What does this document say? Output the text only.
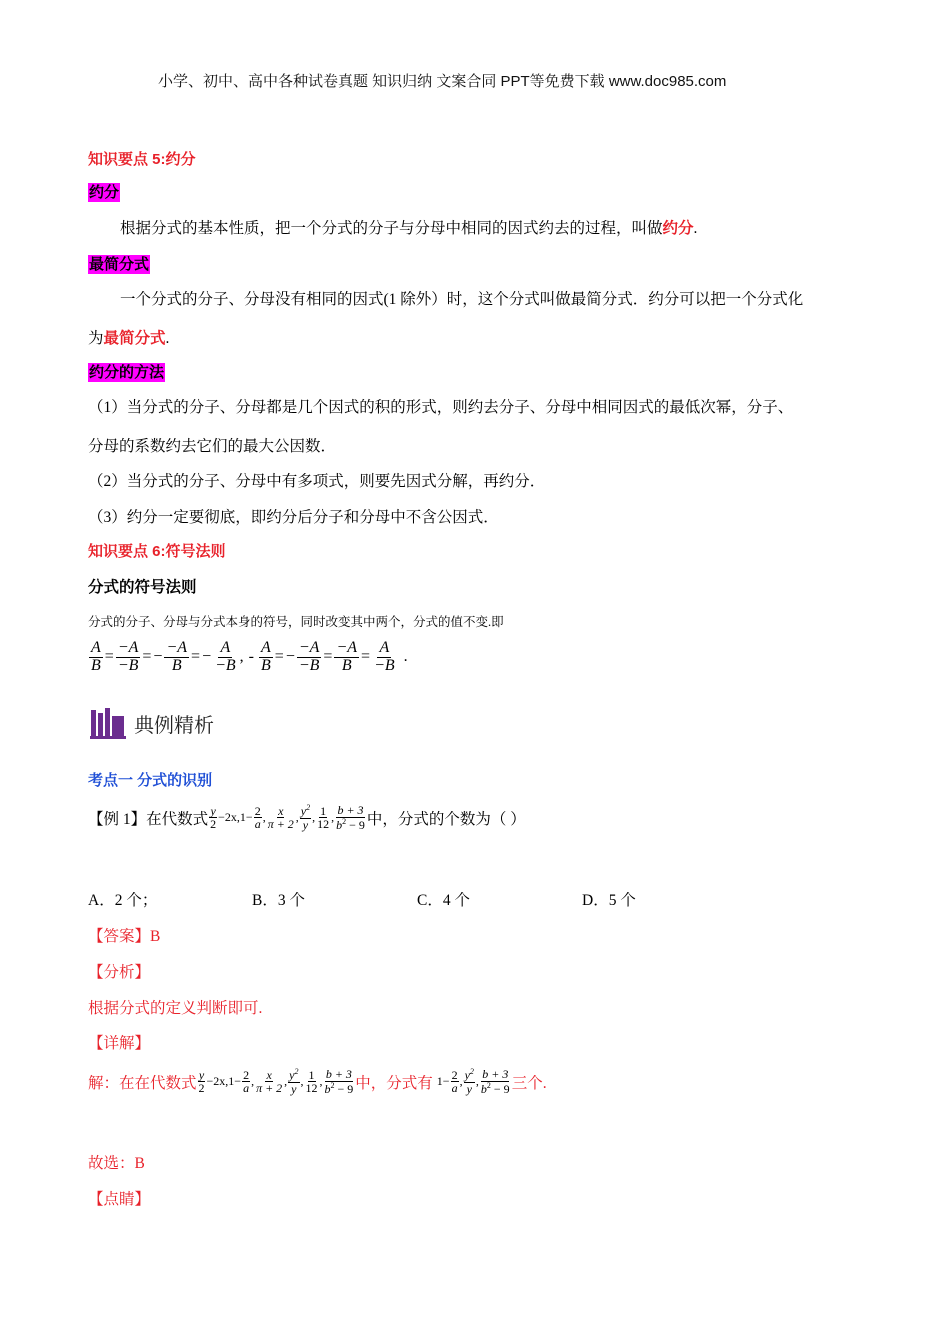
小学、初中、高中各种试卷真题 知识归纳 文案合同 PPT等免费下载 www.doc985.com
知识要点 5:约分
约分
根据分式的基本性质，把一个分式的分子与分母中相同的因式约去的过程，叫做约分.
最简分式
一个分式的分子、分母没有相同的因式(1 除外）时，这个分式叫做最简分式．约分可以把一个分式化
为最简分式.
约分的方法
（1）当分式的分子、分母都是几个因式的积的形式，则约去分子、分母中相同因式的最低次幂，分子、
分母的系数约去它们的最大公因数．
（2）当分式的分子、分母中有多项式，则要先因式分解，再约分．
（3）约分一定要彻底，即约分后分子和分母中不含公因式．
知识要点 6:符号法则
分式的符号法则
分式的分子、分母与分式本身的符号，同时改变其中两个，分式的值不变.即
$\frac{A}{B} = \frac{-A}{-B}$ = − $\frac{-A}{B}$ = − $\frac{A}{-B}$ , - $\frac{A}{B}$ = − $\frac{-A}{-B} = \frac{-A}{B} = \frac{A}{-B}$ .
典例精析
考点一 分式的识别
【例 1】在代数式 $\frac{y}{2} -2x,1- \frac{2}{a}$ , $\frac{x}{\pi + 2}$ , $\frac{y^2}{y}$ , $\frac{1}{12}$ , $\frac{b + 3}{b^2 - 9}$ 中，分式的个数为（ ）
A．2 个；	B．3 个	C．4 个	D．5 个
【答案】B
【分析】
根据分式的定义判断即可.
【详解】
解：在在代数式 $\frac{y}{2} -2x,1- \frac{2}{a}$ , $\frac{x}{\pi + 2}$ , $\frac{y^2}{y}$ , $\frac{1}{12}$ , $\frac{b + 3}{b^2 - 9}$ 中，分式有 $1- \frac{2}{a}$ , $\frac{y^2}{y}$ , $\frac{b + 3}{b^2 - 9}$ 三个.
故选：B
【点睛】
